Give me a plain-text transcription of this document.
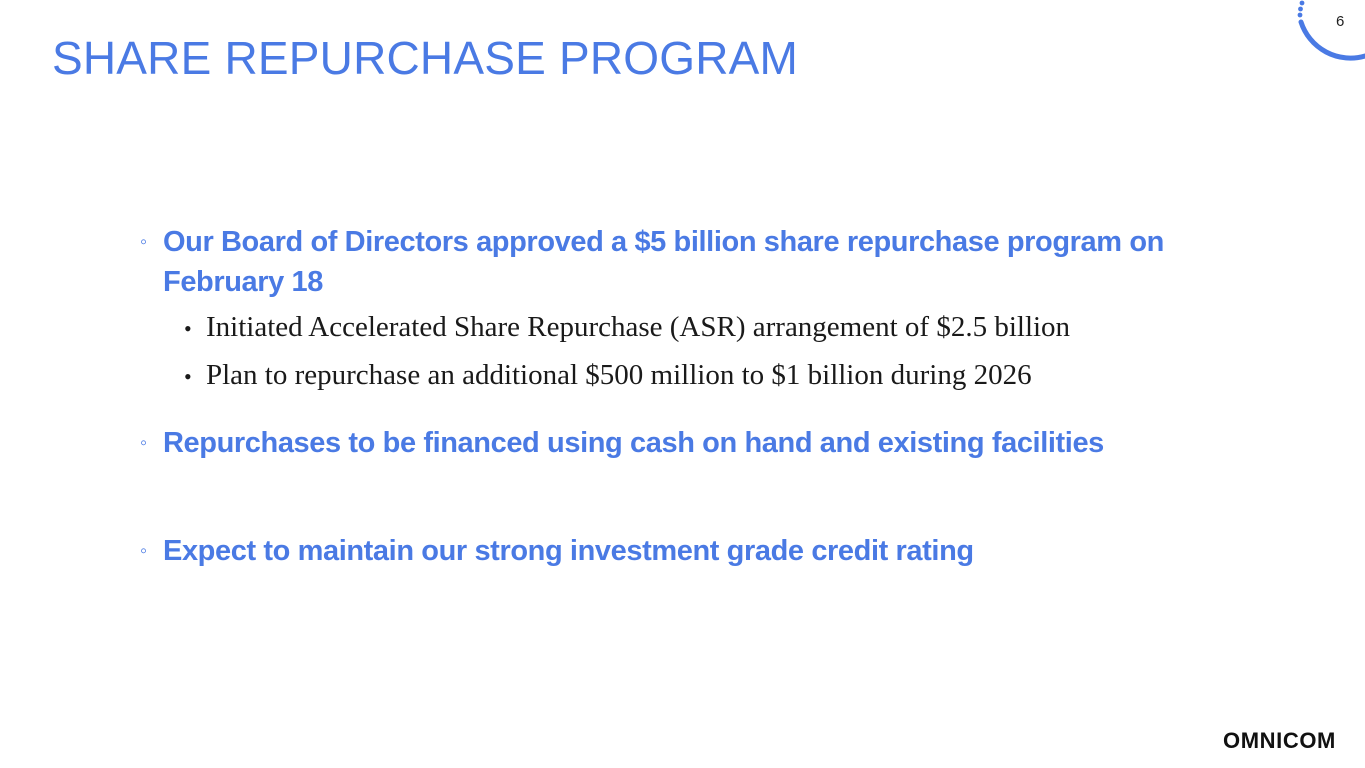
SHARE REPURCHASE PROGRAM
6
◦ Our Board of Directors approved a $5 billion share repurchase program on February 18
• Initiated Accelerated Share Repurchase (ASR) arrangement of $2.5 billion
• Plan to repurchase an additional $500 million to $1 billion during 2026
◦ Repurchases to be financed using cash on hand and existing facilities
◦ Expect to maintain our strong investment grade credit rating
OMNICOM
